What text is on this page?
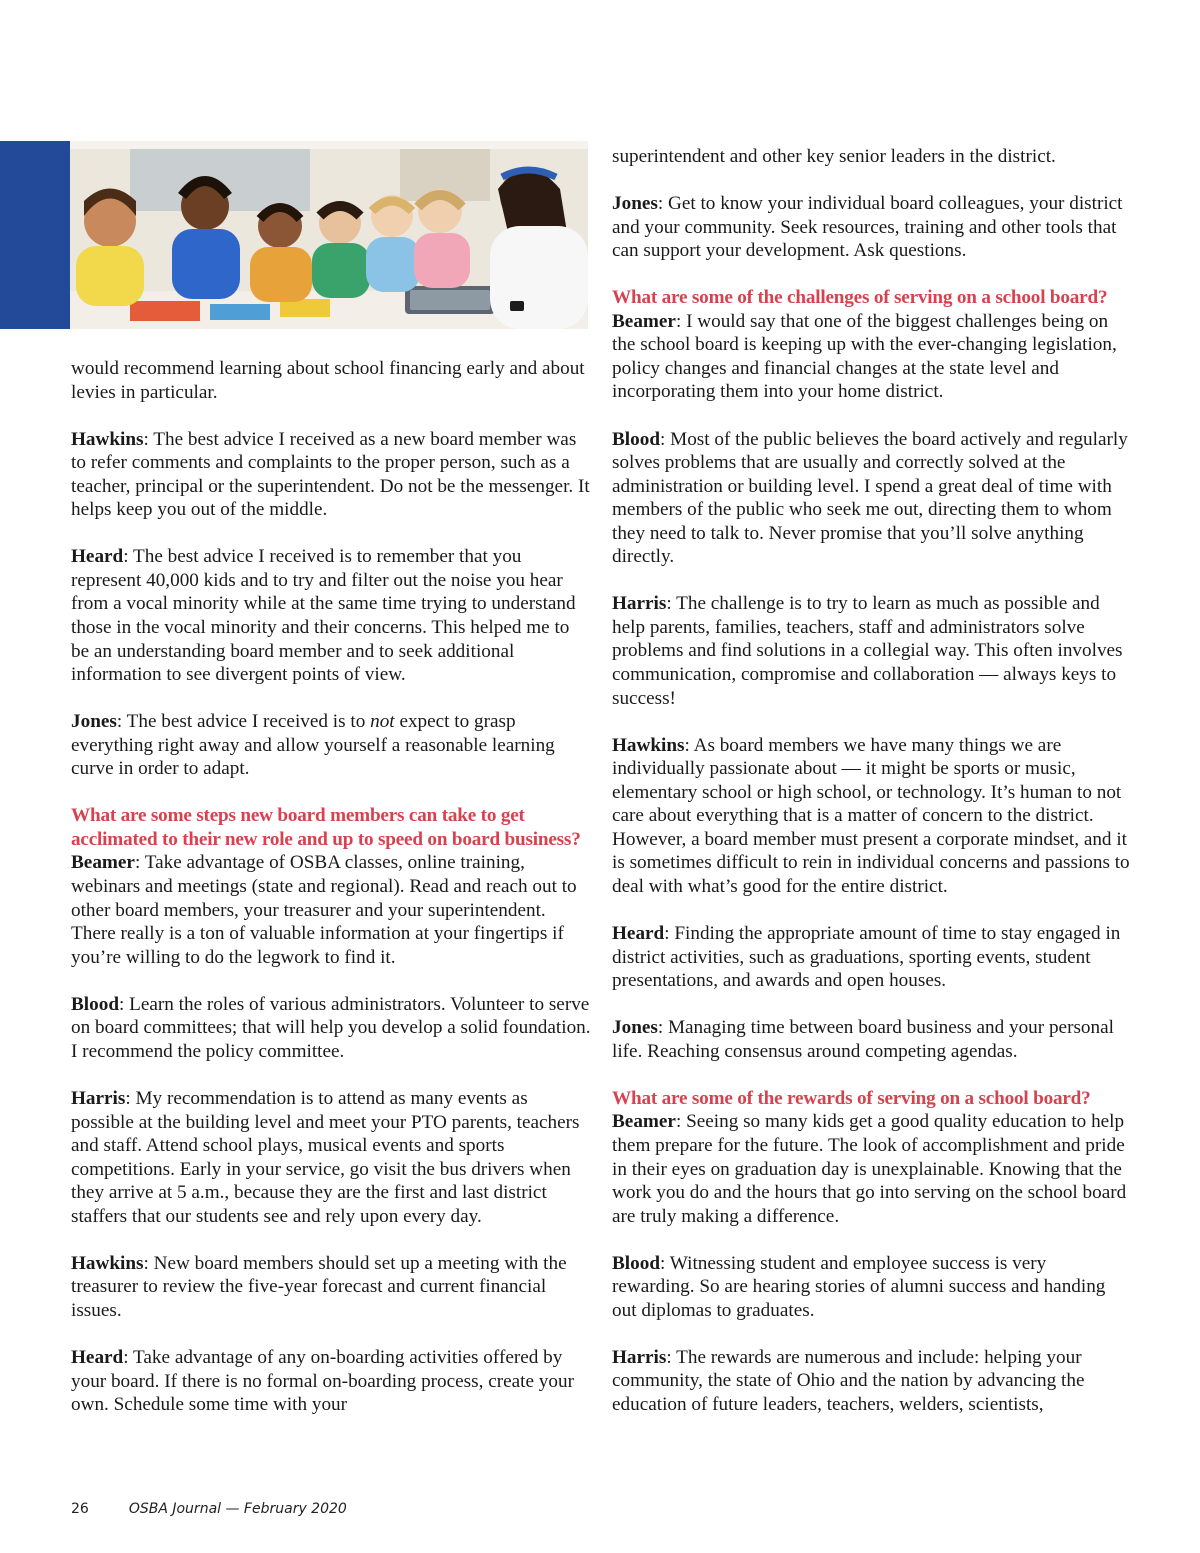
would recommend learning about school financing early and about levies in particular.

Hawkins: The best advice I received as a new board member was to refer comments and complaints to the proper person, such as a teacher, principal or the superintendent. Do not be the messenger. It helps keep you out of the middle.

Heard: The best advice I received is to remember that you represent 40,000 kids and to try and filter out the noise you hear from a vocal minority while at the same time trying to understand those in the vocal minority and their concerns. This helped me to be an understanding board member and to seek additional information to see divergent points of view.

Jones: The best advice I received is to not expect to grasp everything right away and allow yourself a reasonable learning curve in order to adapt.

What are some steps new board members can take to get acclimated to their new role and up to speed on board business?

Beamer: Take advantage of OSBA classes, online training, webinars and meetings (state and regional). Read and reach out to other board members, your treasurer and your superintendent. There really is a ton of valuable information at your fingertips if you’re willing to do the legwork to find it.

Blood: Learn the roles of various administrators. Volunteer to serve on board committees; that will help you develop a solid foundation. I recommend the policy committee.

Harris: My recommendation is to attend as many events as possible at the building level and meet your PTO parents, teachers and staff. Attend school plays, musical events and sports competitions. Early in your service, go visit the bus drivers when they arrive at 5 a.m., because they are the first and last district staffers that our students see and rely upon every day.

Hawkins: New board members should set up a meeting with the treasurer to review the five-year forecast and current financial issues.

Heard: Take advantage of any on-boarding activities offered by your board. If there is no formal on-boarding process, create your own. Schedule some time with your

superintendent and other key senior leaders in the district.

Jones: Get to know your individual board colleagues, your district and your community. Seek resources, training and other tools that can support your development. Ask questions.

What are some of the challenges of serving on a school board?

Beamer: I would say that one of the biggest challenges being on the school board is keeping up with the ever-changing legislation, policy changes and financial changes at the state level and incorporating them into your home district.

Blood: Most of the public believes the board actively and regularly solves problems that are usually and correctly solved at the administration or building level. I spend a great deal of time with members of the public who seek me out, directing them to whom they need to talk to. Never promise that you’ll solve anything directly.

Harris: The challenge is to try to learn as much as possible and help parents, families, teachers, staff and administrators solve problems and find solutions in a collegial way. This often involves communication, compromise and collaboration — always keys to success!

Hawkins: As board members we have many things we are individually passionate about — it might be sports or music, elementary school or high school, or technology. It’s human to not care about everything that is a matter of concern to the district. However, a board member must present a corporate mindset, and it is sometimes difficult to rein in individual concerns and passions to deal with what’s good for the entire district.

Heard: Finding the appropriate amount of time to stay engaged in district activities, such as graduations, sporting events, student presentations, and awards and open houses.

Jones: Managing time between board business and your personal life. Reaching consensus around competing agendas.

What are some of the rewards of serving on a school board?

Beamer: Seeing so many kids get a good quality education to help them prepare for the future. The look of accomplishment and pride in their eyes on graduation day is unexplainable. Knowing that the work you do and the hours that go into serving on the school board are truly making a difference.

Blood: Witnessing student and employee success is very rewarding. So are hearing stories of alumni success and handing out diplomas to graduates.

Harris: The rewards are numerous and include: helping your community, the state of Ohio and the nation by advancing the education of future leaders, teachers, welders, scientists,

26	OSBA Journal — February 2020
